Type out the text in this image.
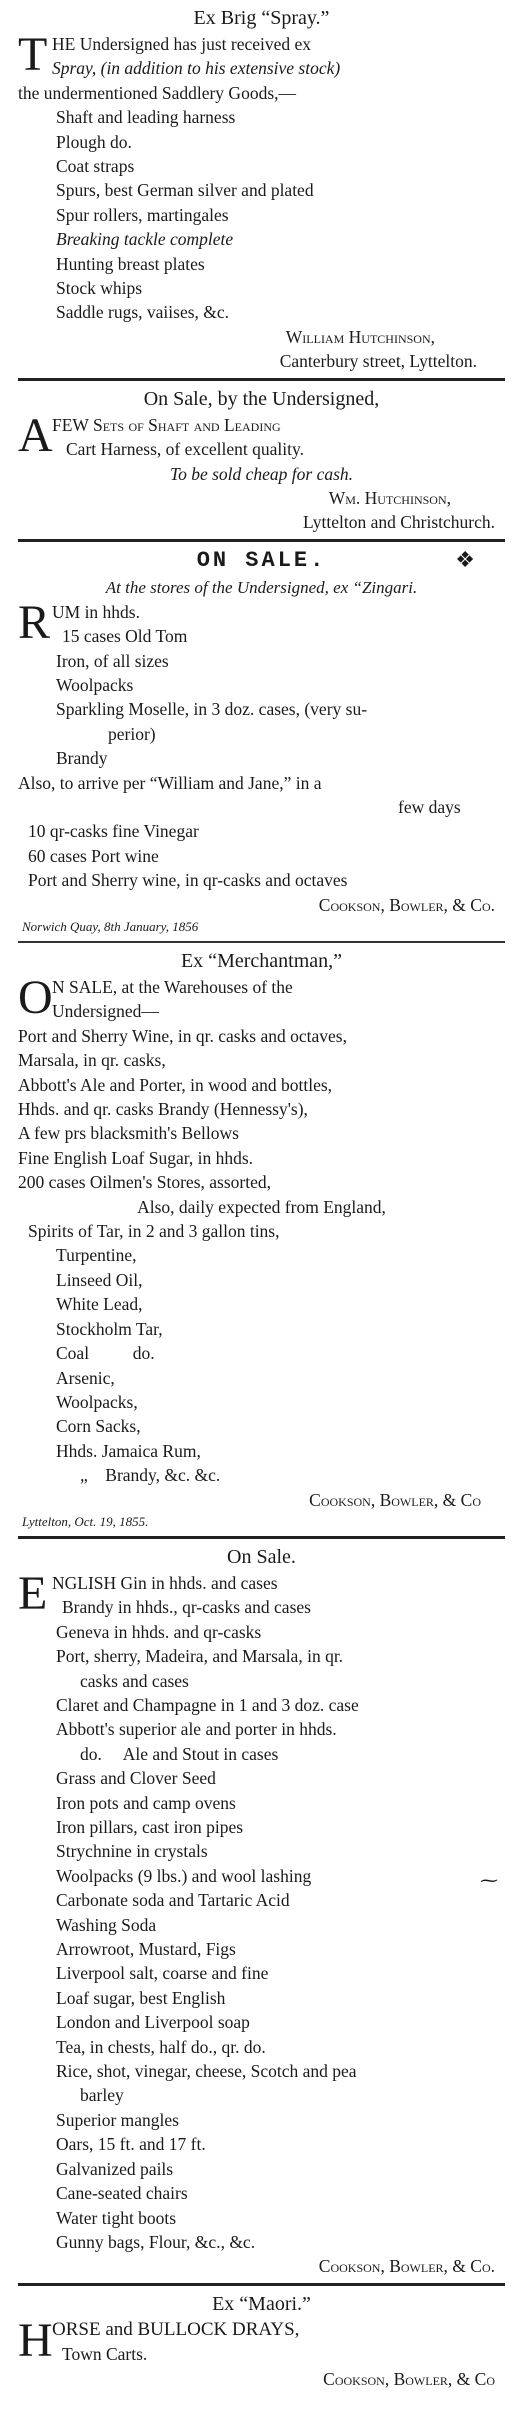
Ex Brig “Spray.”
T HE Undersigned has just received ex
Spray, (in addition to his extensive stock)
the undermentioned Saddlery Goods,—
Shaft and leading harness
Plough do.
Coat straps
Spurs, best German silver and plated
Spur rollers, martingales
Breaking tackle complete
Hunting breast plates
Stock whips
Saddle rugs, vaiises, &c.
William Hutchinson,
Canterbury street, Lyttelton.
On Sale, by the Undersigned,
A FEW Sets of Shaft and Leading
Cart Harness, of excellent quality.
To be sold cheap for cash.
Wm. Hutchinson,
Lyttelton and Christchurch.
ON SALE.	❖
At the stores of the Undersigned, ex “Zingari.
R UM in hhds.
15 cases Old Tom
Iron, of all sizes
Woolpacks
Sparkling Moselle, in 3 doz. cases, (very su-
perior)
Brandy
Also, to arrive per “William and Jane,” in a
few days
10 qr-casks fine Vinegar
60 cases Port wine
Port and Sherry wine, in qr-casks and octaves
Cookson, Bowler, & Co.
Norwich Quay, 8th January, 1856
Ex “Merchantman,”
O N SALE, at the Warehouses of the
Undersigned—
Port and Sherry Wine, in qr. casks and octaves,
Marsala, in qr. casks,
Abbott's Ale and Porter, in wood and bottles,
Hhds. and qr. casks Brandy (Hennessy's),
A few prs blacksmith's Bellows
Fine English Loaf Sugar, in hhds.
200 cases Oilmen's Stores, assorted,
Also, daily expected from England,
Spirits of Tar, in 2 and 3 gallon tins,
Turpentine,
Linseed Oil,
White Lead,
Stockholm Tar,
Coal          do.
Arsenic,
Woolpacks,
Corn Sacks,
Hhds. Jamaica Rum,
„    Brandy, &c. &c.
Cookson, Bowler, & Co
Lyttelton, Oct. 19, 1855.
On Sale.
E NGLISH Gin in hhds. and cases
Brandy in hhds., qr-casks and cases
Geneva in hhds. and qr-casks
Port, sherry, Madeira, and Marsala, in qr.
casks and cases
Claret and Champagne in 1 and 3 doz. case
Abbott's superior ale and porter in hhds.
do.     Ale and Stout in cases
Grass and Clover Seed
Iron pots and camp ovens
Iron pillars, cast iron pipes
Strychnine in crystals
Woolpacks (9 lbs.) and wool lashing
Carbonate soda and Tartaric Acid
Washing Soda
Arrowroot, Mustard, Figs
Liverpool salt, coarse and fine
Loaf sugar, best English
London and Liverpool soap
Tea, in chests, half do., qr. do.
Rice, shot, vinegar, cheese, Scotch and pea
barley
Superior mangles
Oars, 15 ft. and 17 ft.
Galvanized pails
Cane-seated chairs
Water tight boots
Gunny bags, Flour, &c., &c.
Cookson, Bowler, & Co.
Ex “Maori.”
H ORSE and BULLOCK DRAYS,
Town Carts.
Cookson, Bowler, & Co
⁓
